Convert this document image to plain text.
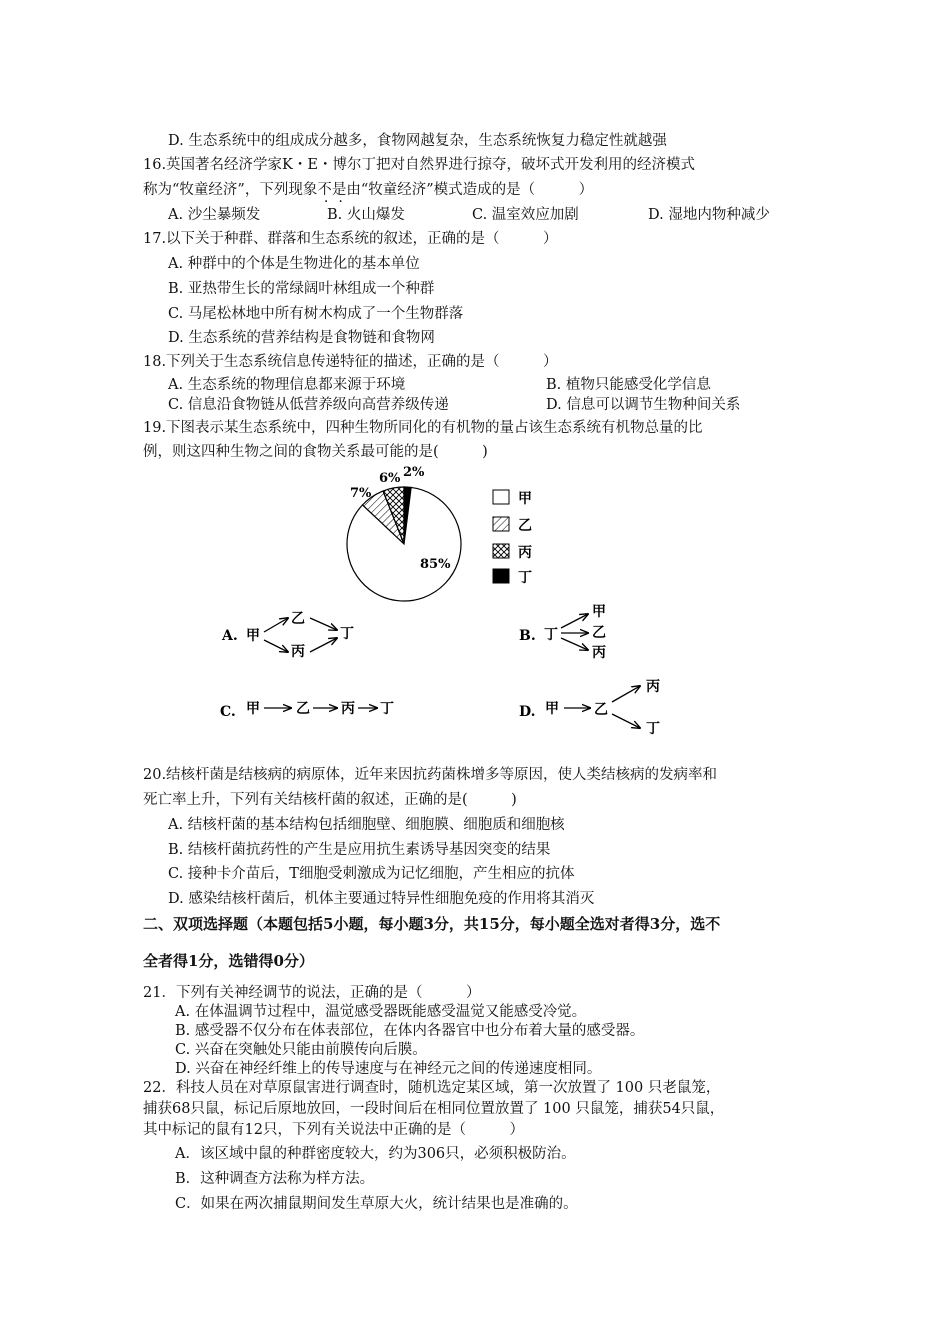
D. 生态系统中的组成成分越多，食物网越复杂，生态系统恢复力稳定性就越强
16.英国著名经济学家K・E・博尔丁把对自然界进行掠夺，破坏式开发利用的经济模式
称为“牧童经济”，下列现象不是由“牧童经济”模式造成的是（　　　）
A. 沙尘暴频发	B. 火山爆发	C. 温室效应加剧	D. 湿地内物种减少
17.以下关于种群、群落和生态系统的叙述，正确的是（　　　）
A. 种群中的个体是生物进化的基本单位
B. 亚热带生长的常绿阔叶林组成一个种群
C. 马尾松林地中所有树木构成了一个生物群落
D. 生态系统的营养结构是食物链和食物网
18.下列关于生态系统信息传递特征的描述，正确的是（　　　）
A. 生态系统的物理信息都来源于环境	B. 植物只能感受化学信息
C. 信息沿食物链从低营养级向高营养级传递	D. 信息可以调节生物种间关系
19.下图表示某生态系统中，四种生物所同化的有机物的量占该生态系统有机物总量的比
例，则这四种生物之间的食物关系最可能的是(　　　)
85%
7%
6% 2%
甲
乙
丙
丁
A. 甲
乙
丙
丁	B. 丁
甲
乙
丙
C. 甲	乙 丙 丁	D. 甲	乙
丙
丁
20.结核杆菌是结核病的病原体，近年来因抗药菌株增多等原因，使人类结核病的发病率和
死亡率上升，下列有关结核杆菌的叙述，正确的是(　　　)
A. 结核杆菌的基本结构包括细胞壁、细胞膜、细胞质和细胞核
B. 结核杆菌抗药性的产生是应用抗生素诱导基因突变的结果
C. 接种卡介苗后，T细胞受刺激成为记忆细胞，产生相应的抗体
D. 感染结核杆菌后，机体主要通过特异性细胞免疫的作用将其消灭
二、双项选择题（本题包括5小题，每小题3分，共15分，每小题全选对者得3分，选不
全者得1分，选错得0分）
21．下列有关神经调节的说法，正确的是（　　　）
A. 在体温调节过程中，温觉感受器既能感受温觉又能感受冷觉。
B. 感受器不仅分布在体表部位，在体内各器官中也分布着大量的感受器。
C. 兴奋在突触处只能由前膜传向后膜。
D. 兴奋在神经纤维上的传导速度与在神经元之间的传递速度相同。
22．科技人员在对草原鼠害进行调查时，随机选定某区域，第一次放置了 100 只老鼠笼，
捕获68只鼠，标记后原地放回，一段时间后在相同位置放置了 100 只鼠笼，捕获54只鼠，
其中标记的鼠有12只，下列有关说法中正确的是（　　　）
A．该区域中鼠的种群密度较大，约为306只，必须积极防治。
B．这种调查方法称为样方法。
C．如果在两次捕鼠期间发生草原大火，统计结果也是准确的。
